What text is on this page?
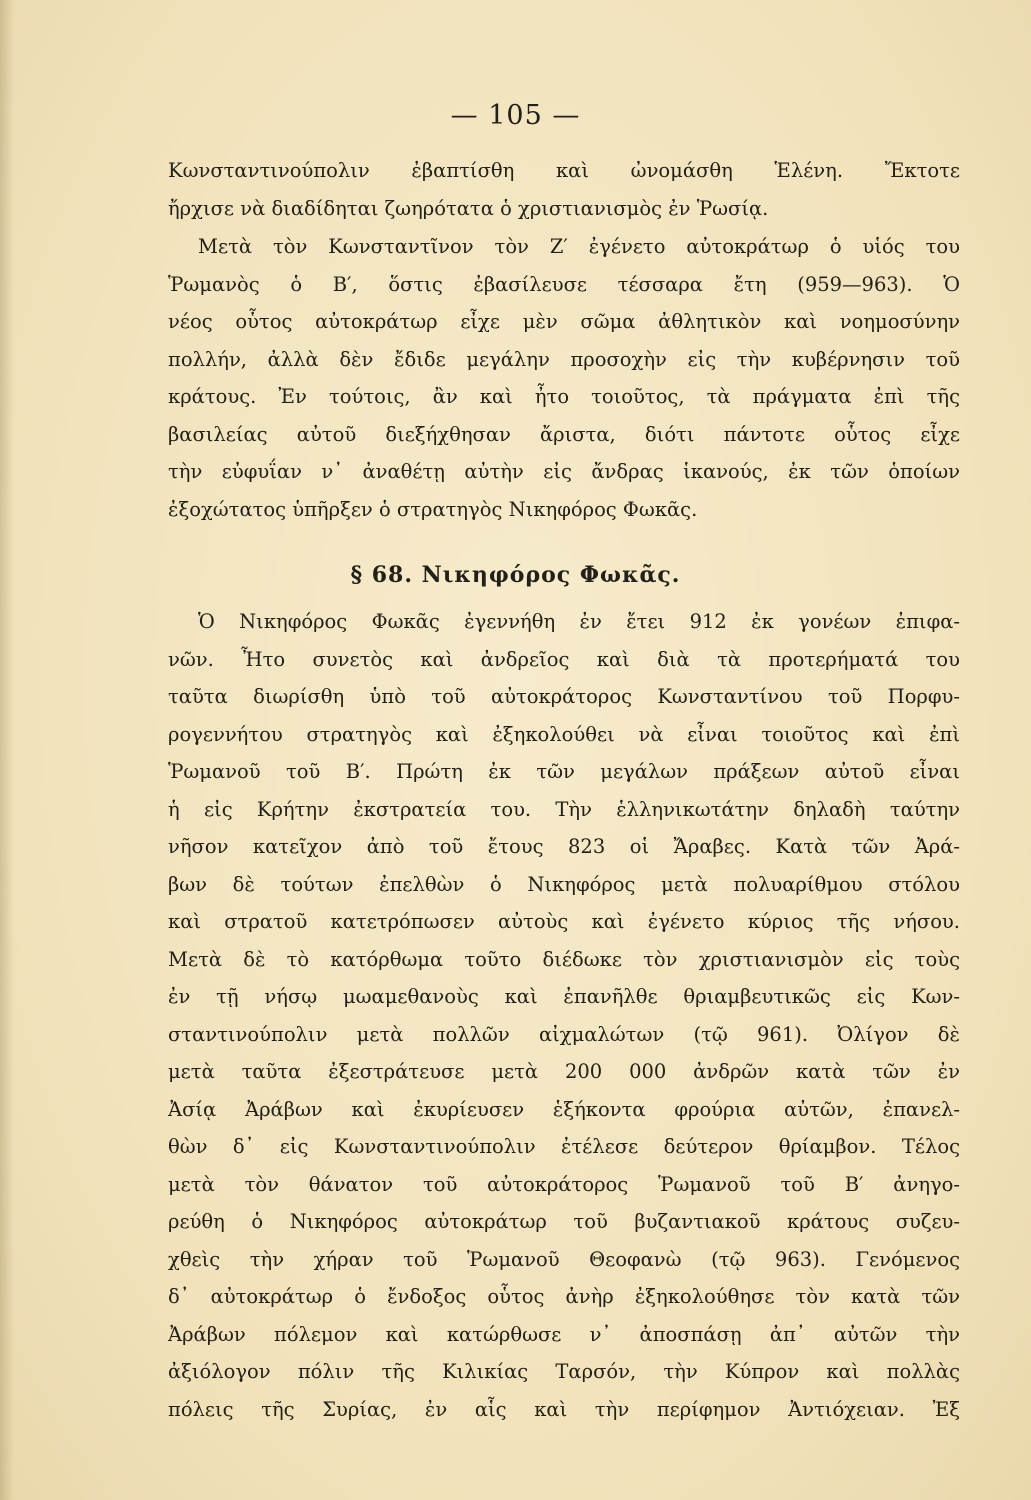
— 105 —
Κωνσταντινούπολιν ἐβαπτίσθη καὶ ὠνομάσθη Ἑλένη. Ἔκτοτε
ἤρχισε νὰ διαδίδηται ζωηρότατα ὁ χριστιανισμὸς ἐν Ῥωσίᾳ.
Μετὰ τὸν Κωνσταντῖνον τὸν Ζ′ ἐγένετο αὐτοκράτωρ ὁ υἱός του
Ῥωμανὸς ὁ Β′, ὅστις ἐβασίλευσε τέσσαρα ἔτη (959—963). Ὁ
νέος οὗτος αὐτοκράτωρ εἶχε μὲν σῶμα ἀθλητικὸν καὶ νοημοσύνην
πολλήν, ἀλλὰ δὲν ἔδιδε μεγάλην προσοχὴν εἰς τὴν κυβέρνησιν τοῦ
κράτους. Ἐν τούτοις, ἂν καὶ ἦτο τοιοῦτος, τὰ πράγματα ἐπὶ τῆς
βασιλείας αὐτοῦ διεξήχθησαν ἄριστα, διότι πάντοτε οὗτος εἶχε
τὴν εὐφυΐαν ν᾽ ἀναθέτῃ αὐτὴν εἰς ἄνδρας ἱκανούς, ἐκ τῶν ὁποίων
ἐξοχώτατος ὑπῆρξεν ὁ στρατηγὸς Νικηφόρος Φωκᾶς.
§ 68. Νικηφόρος Φωκᾶς.
Ὁ Νικηφόρος Φωκᾶς ἐγεννήθη ἐν ἔτει 912 ἐκ γονέων ἐπιφα-
νῶν. Ἦτο συνετὸς καὶ ἀνδρεῖος καὶ διὰ τὰ προτερήματά του
ταῦτα διωρίσθη ὑπὸ τοῦ αὐτοκράτορος Κωνσταντίνου τοῦ Πορφυ-
ρογεννήτου στρατηγὸς καὶ ἐξηκολούθει νὰ εἶναι τοιοῦτος καὶ ἐπὶ
Ῥωμανοῦ τοῦ Β′. Πρώτη ἐκ τῶν μεγάλων πράξεων αὐτοῦ εἶναι
ἡ εἰς Κρήτην ἐκστρατεία του. Τὴν ἑλληνικωτάτην δηλαδὴ ταύτην
νῆσον κατεῖχον ἀπὸ τοῦ ἔτους 823 οἱ Ἄραβες. Κατὰ τῶν Ἀρά-
βων δὲ τούτων ἐπελθὼν ὁ Νικηφόρος μετὰ πολυαρίθμου στόλου
καὶ στρατοῦ κατετρόπωσεν αὐτοὺς καὶ ἐγένετο κύριος τῆς νήσου.
Μετὰ δὲ τὸ κατόρθωμα τοῦτο διέδωκε τὸν χριστιανισμὸν εἰς τοὺς
ἐν τῇ νήσῳ μωαμεθανοὺς καὶ ἐπανῆλθε θριαμβευτικῶς εἰς Κων-
σταντινούπολιν μετὰ πολλῶν αἰχμαλώτων (τῷ 961). Ὀλίγον δὲ
μετὰ ταῦτα ἐξεστράτευσε μετὰ 200 000 ἀνδρῶν κατὰ τῶν ἐν
Ἀσίᾳ Ἀράβων καὶ ἐκυρίευσεν ἑξήκοντα φρούρια αὐτῶν, ἐπανελ-
θὼν δ᾽ εἰς Κωνσταντινούπολιν ἐτέλεσε δεύτερον θρίαμβον. Τέλος
μετὰ τὸν θάνατον τοῦ αὐτοκράτορος Ῥωμανοῦ τοῦ Β′ ἀνηγο-
ρεύθη ὁ Νικηφόρος αὐτοκράτωρ τοῦ βυζαντιακοῦ κράτους συζευ-
χθεὶς τὴν χήραν τοῦ Ῥωμανοῦ Θεοφανὼ (τῷ 963). Γενόμενος
δ᾽ αὐτοκράτωρ ὁ ἔνδοξος οὗτος ἀνὴρ ἐξηκολούθησε τὸν κατὰ τῶν
Ἀράβων πόλεμον καὶ κατώρθωσε ν᾽ ἀποσπάσῃ ἀπ᾽ αὐτῶν τὴν
ἀξιόλογον πόλιν τῆς Κιλικίας Ταρσόν, τὴν Κύπρον καὶ πολλὰς
πόλεις τῆς Συρίας, ἐν αἷς καὶ τὴν περίφημον Ἀντιόχειαν. Ἐξ
